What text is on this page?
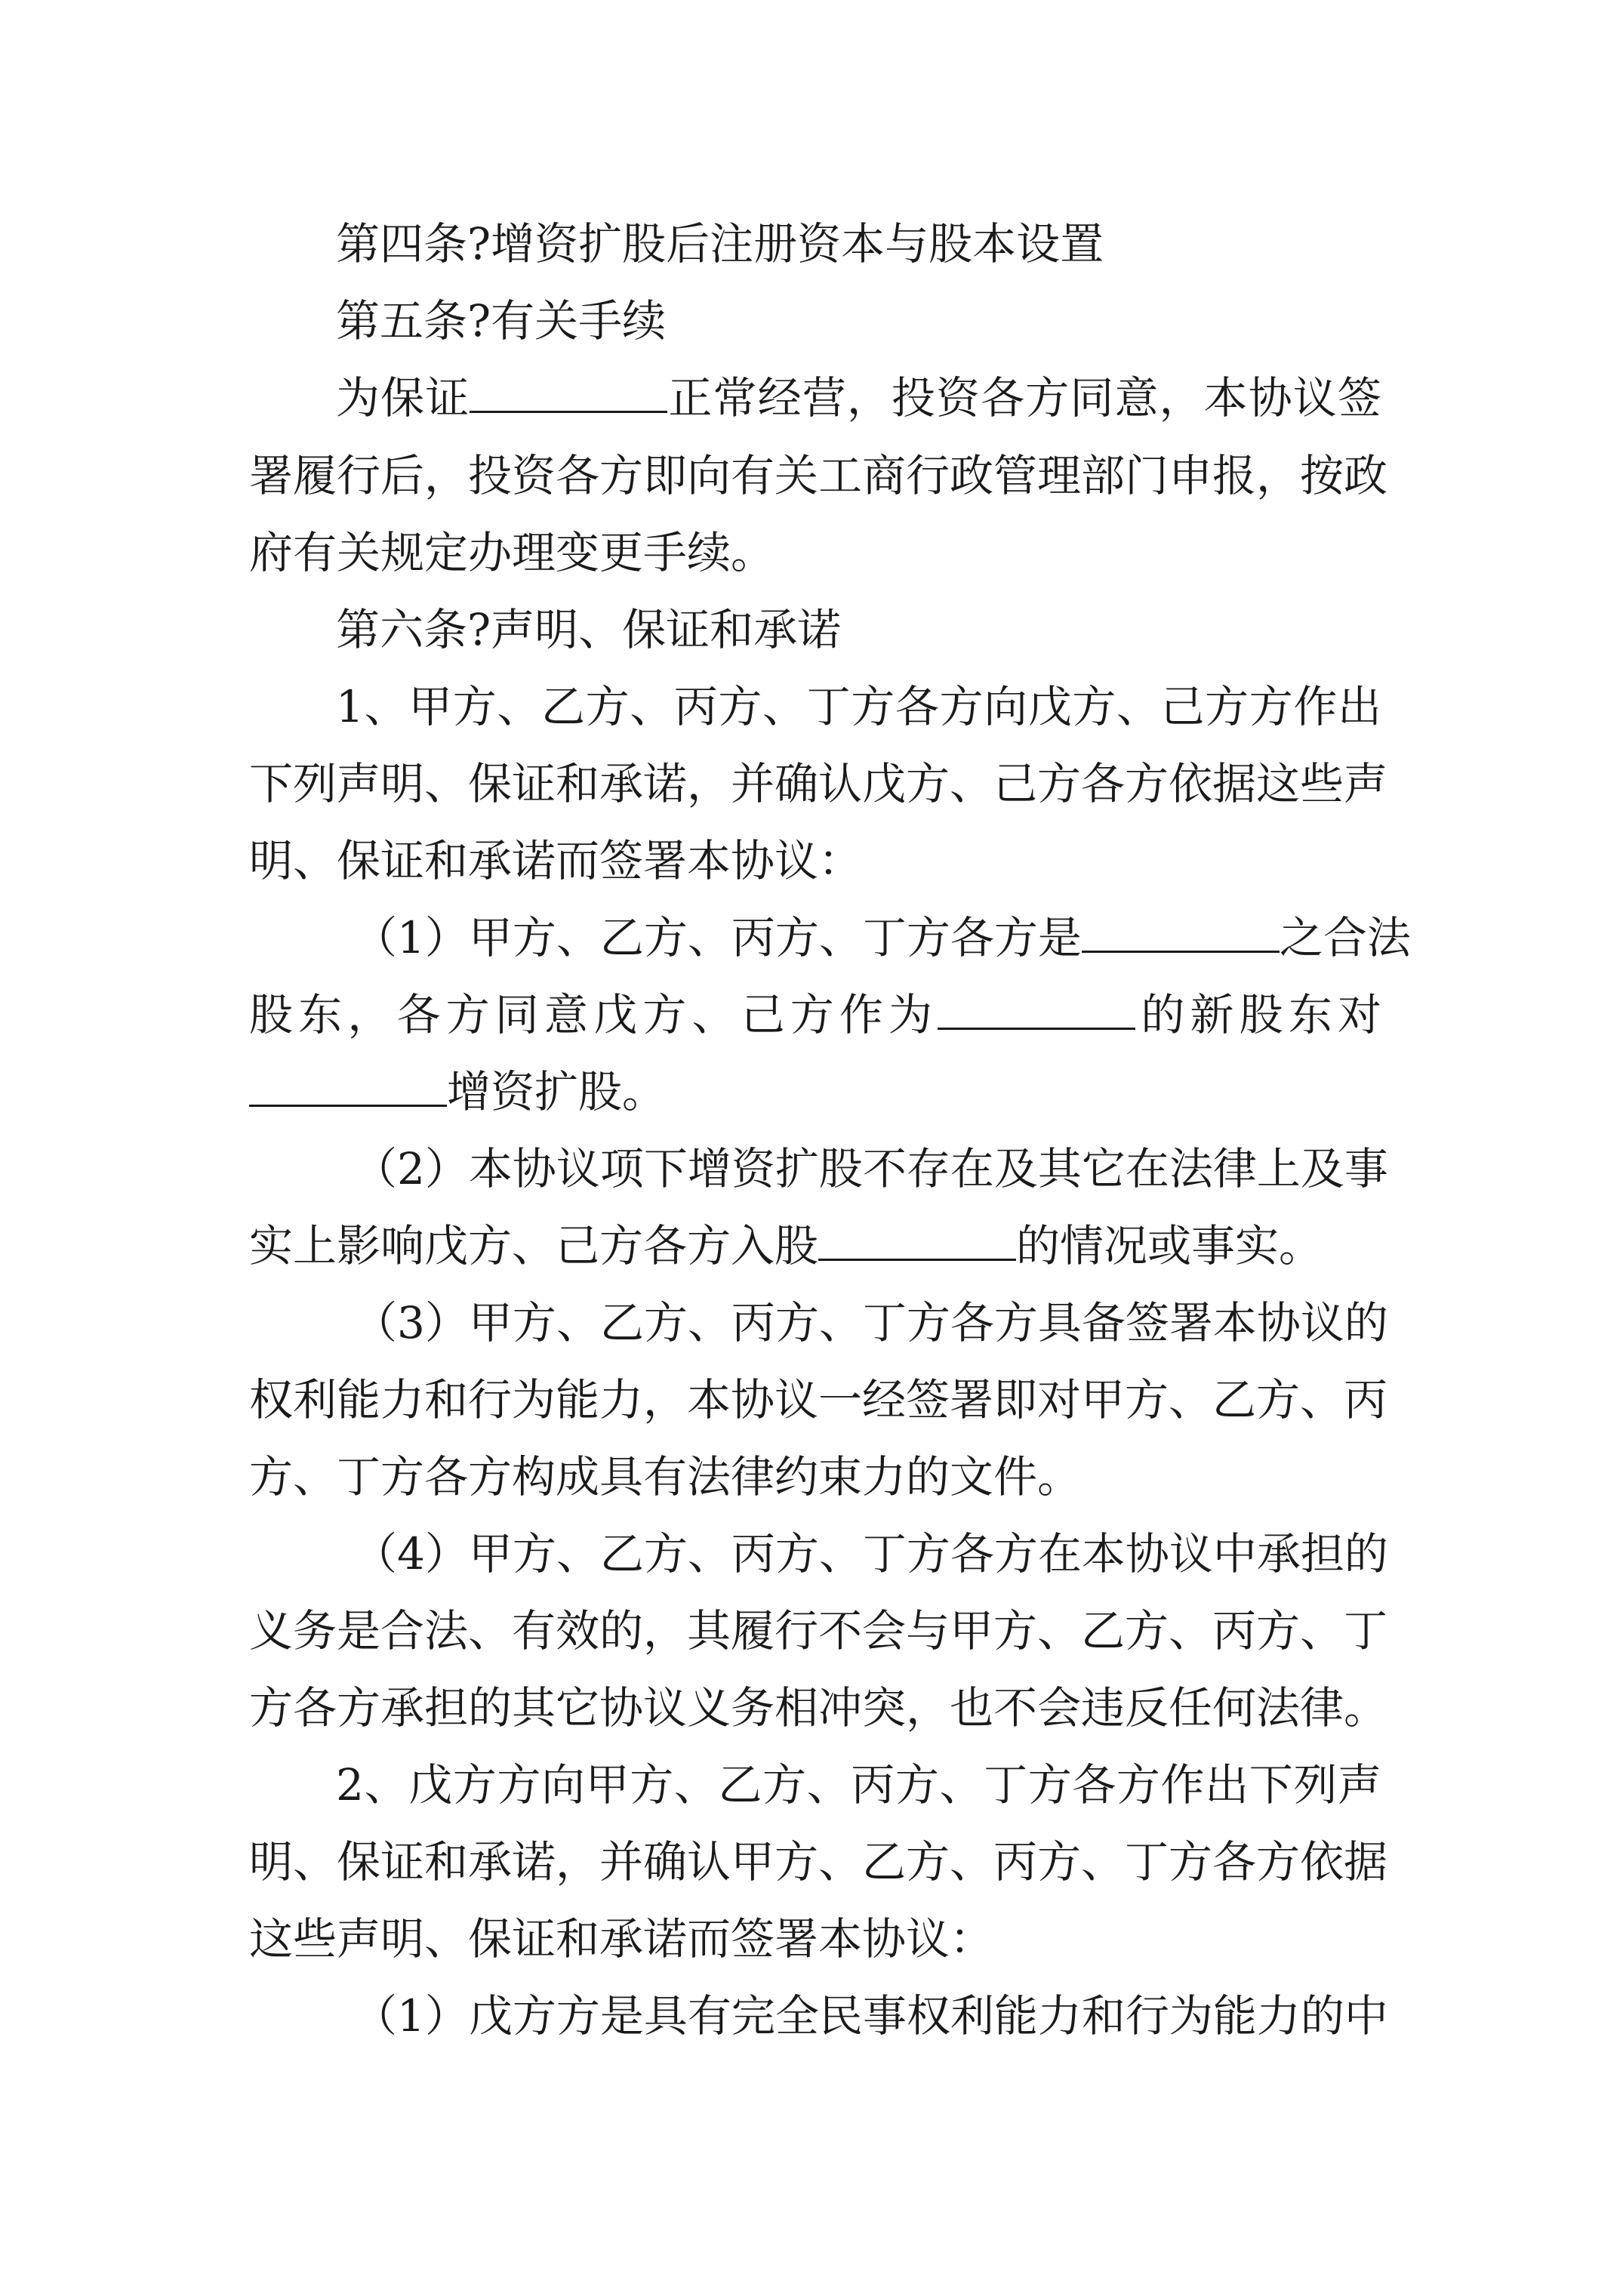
第四条?增资扩股后注册资本与股本设置
第五条?有关手续
为保证	正常经营，投资各方同意，本协议签
署履行后，投资各方即向有关工商行政管理部门申报，按政
府有关规定办理变更手续。
第六条?声明、保证和承诺
1、甲方、乙方、丙方、丁方各方向戊方、己方方作出
下列声明、保证和承诺，并确认戊方、己方各方依据这些声
明、保证和承诺而签署本协议：
（1）甲方、乙方、丙方、丁方各方是	之合法
股东，各方同意戊方、己方作为	的新股东对
增资扩股。
（2）本协议项下增资扩股不存在及其它在法律上及事
实上影响戊方、己方各方入股	的情况或事实。
（3）甲方、乙方、丙方、丁方各方具备签署本协议的
权利能力和行为能力，本协议一经签署即对甲方、乙方、丙
方、丁方各方构成具有法律约束力的文件。
（4）甲方、乙方、丙方、丁方各方在本协议中承担的
义务是合法、有效的，其履行不会与甲方、乙方、丙方、丁
方各方承担的其它协议义务相冲突，也不会违反任何法律。
2、戊方方向甲方、乙方、丙方、丁方各方作出下列声
明、保证和承诺，并确认甲方、乙方、丙方、丁方各方依据
这些声明、保证和承诺而签署本协议：
（1）戊方方是具有完全民事权利能力和行为能力的中
